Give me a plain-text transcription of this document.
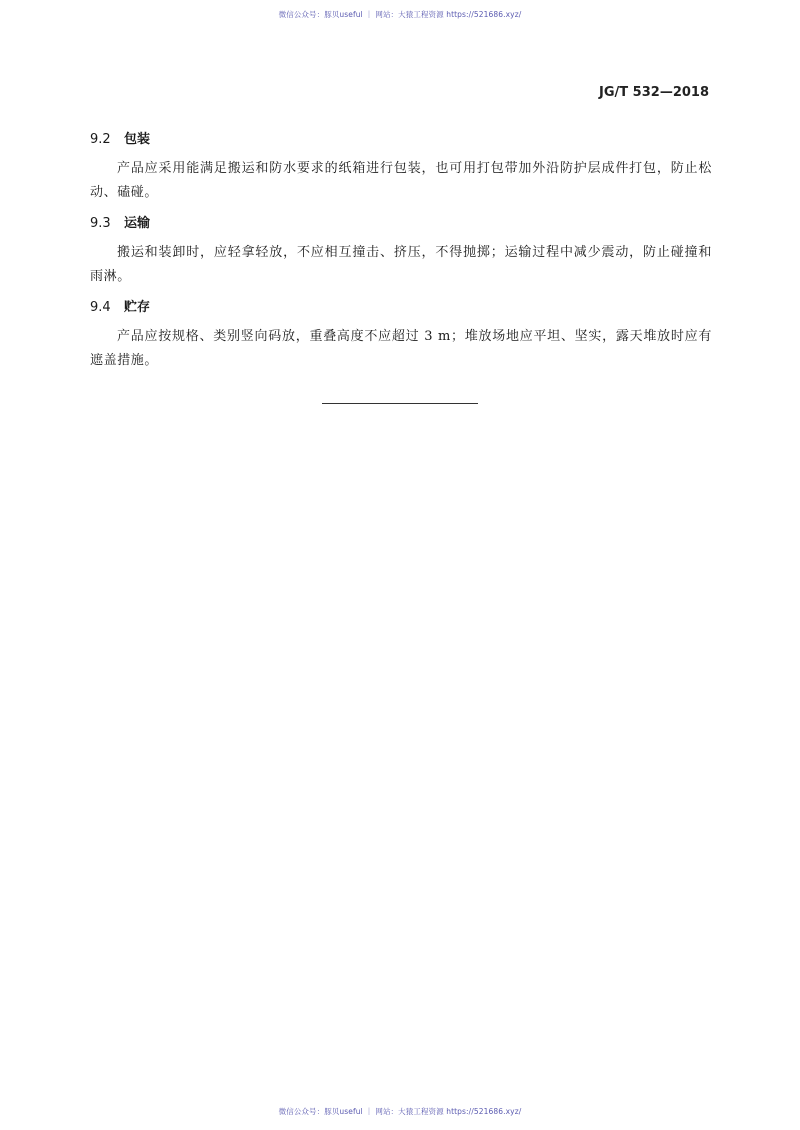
微信公众号：豚贝useful ｜ 网站：大猿工程资源 https://521686.xyz/
JG/T 532—2018
9.2 包装
产品应采用能满足搬运和防水要求的纸箱进行包装，也可用打包带加外沿防护层成件打包，防止松动、磕碰。
9.3 运输
搬运和装卸时，应轻拿轻放，不应相互撞击、挤压，不得抛掷；运输过程中减少震动，防止碰撞和雨淋。
9.4 贮存
产品应按规格、类别竖向码放，重叠高度不应超过 3 m；堆放场地应平坦、坚实，露天堆放时应有遮盖措施。
微信公众号：豚贝useful ｜ 网站：大猿工程资源 https://521686.xyz/
